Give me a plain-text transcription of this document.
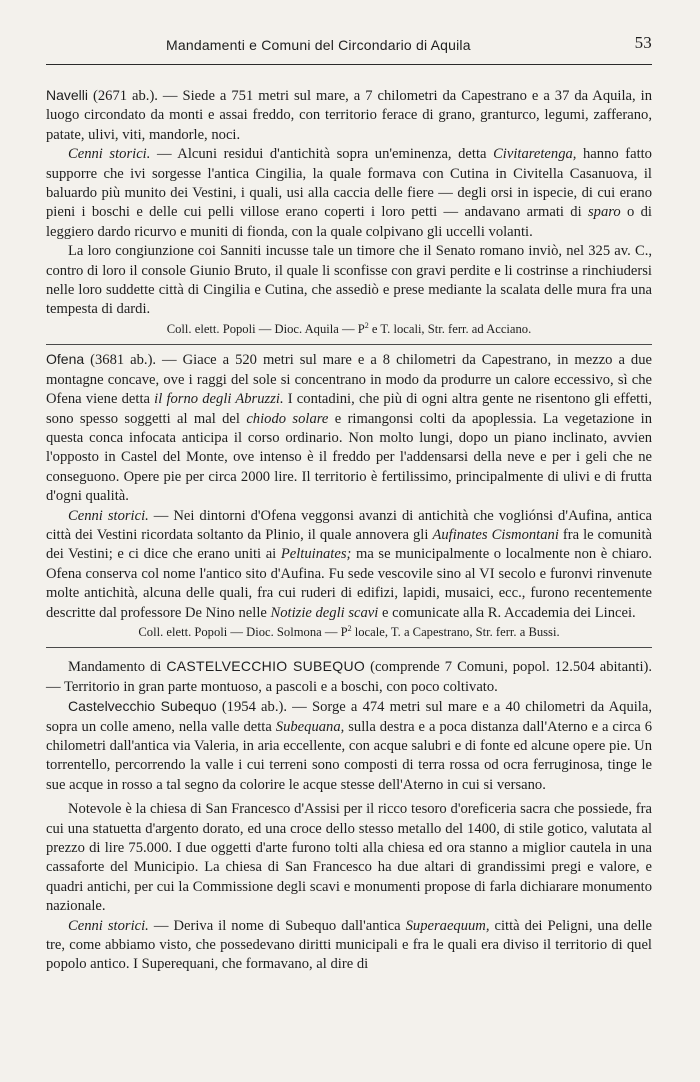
Mandamenti e Comuni del Circondario di Aquila	53

Navelli (2671 ab.). — Siede a 751 metri sul mare, a 7 chilometri da Capestrano e a 37 da Aquila, in luogo circondato da monti e assai freddo, con territorio ferace di grano, granturco, legumi, zafferano, patate, ulivi, viti, mandorle, noci.

Cenni storici. — Alcuni residui d'antichità sopra un'eminenza, detta Civitaretenga, hanno fatto supporre che ivi sorgesse l'antica Cingilia, la quale formava con Cutina in Civitella Casanuova, il baluardo più munito dei Vestini, i quali, usi alla caccia delle fiere — degli orsi in ispecie, di cui erano pieni i boschi e delle cui pelli villose erano coperti i loro petti — andavano armati di sparo o di leggiero dardo ricurvo e muniti di fionda, con la quale colpivano gli uccelli volanti.

La loro congiunzione coi Sanniti incusse tale un timore che il Senato romano inviò, nel 325 av. C., contro di loro il console Giunio Bruto, il quale li sconfisse con gravi perdite e li costrinse a rinchiudersi nelle loro suddette città di Cingilia e Cutina, che assediò e prese mediante la scalata delle mura fra una tempesta di dardi.

Coll. elett. Popoli — Dioc. Aquila — $P^2$ e T. locali, Str. ferr. ad Acciano.

Ofena (3681 ab.). — Giace a 520 metri sul mare e a 8 chilometri da Capestrano, in mezzo a due montagne concave, ove i raggi del sole si concentrano in modo da produrre un calore eccessivo, sì che Ofena viene detta il forno degli Abruzzi. I contadini, che più di ogni altra gente ne risentono gli effetti, sono spesso soggetti al mal del chiodo solare e rimangonsi colti da apoplessia. La vegetazione in questa conca infocata anticipa il corso ordinario. Non molto lungi, dopo un piano inclinato, avvien l'opposto in Castel del Monte, ove intenso è il freddo per l'addensarsi della neve e per i geli che ne conseguono. Opere pie per circa 2000 lire. Il territorio è fertilissimo, principalmente di ulivi e di frutta d'ogni qualità.

Cenni storici. — Nei dintorni d'Ofena veggonsi avanzi di antichità che vogliónsi d'Aufina, antica città dei Vestini ricordata soltanto da Plinio, il quale annovera gli Aufinates Cismontani fra le comunità dei Vestini; e ci dice che erano uniti ai Peltuinates; ma se municipalmente o localmente non è chiaro. Ofena conserva col nome l'antico sito d'Aufina. Fu sede vescovile sino al VI secolo e furonvi rinvenute molte antichità, alcuna delle quali, fra cui ruderi di edifizi, lapidi, musaici, ecc., furono recentemente descritte dal professore De Nino nelle Notizie degli scavi e comunicate alla R. Accademia dei Lincei.

Coll. elett. Popoli — Dioc. Solmona — $P^2$ locale, T. a Capestrano, Str. ferr. a Bussi.

Mandamento di CASTELVECCHIO SUBEQUO (comprende 7 Comuni, popol. 12.504 abitanti). — Territorio in gran parte montuoso, a pascoli e a boschi, con poco coltivato.

Castelvecchio Subequo (1954 ab.). — Sorge a 474 metri sul mare e a 40 chilometri da Aquila, sopra un colle ameno, nella valle detta Subequana, sulla destra e a poca distanza dall'Aterno e a circa 6 chilometri dall'antica via Valeria, in aria eccellente, con acque salubri e di fonte ed alcune opere pie. Un torrentello, percorrendo la valle i cui terreni sono composti di terra rossa od ocra ferruginosa, tinge le sue acque in rosso a tal segno da colorire le acque stesse dell'Aterno in cui si versano.

Notevole è la chiesa di San Francesco d'Assisi per il ricco tesoro d'oreficeria sacra che possiede, fra cui una statuetta d'argento dorato, ed una croce dello stesso metallo del 1400, di stile gotico, valutata al prezzo di lire 75.000. I due oggetti d'arte furono tolti alla chiesa ed ora stanno a miglior cautela in una cassaforte del Municipio. La chiesa di San Francesco ha due altari di grandissimi pregi e valore, e quadri antichi, per cui la Commissione degli scavi e monumenti propose di farla dichiarare monumento nazionale.

Cenni storici. — Deriva il nome di Subequo dall'antica Superaequum, città dei Peligni, una delle tre, come abbiamo visto, che possedevano diritti municipali e fra le quali era diviso il territorio di quel popolo antico. I Superequani, che formavano, al dire di
